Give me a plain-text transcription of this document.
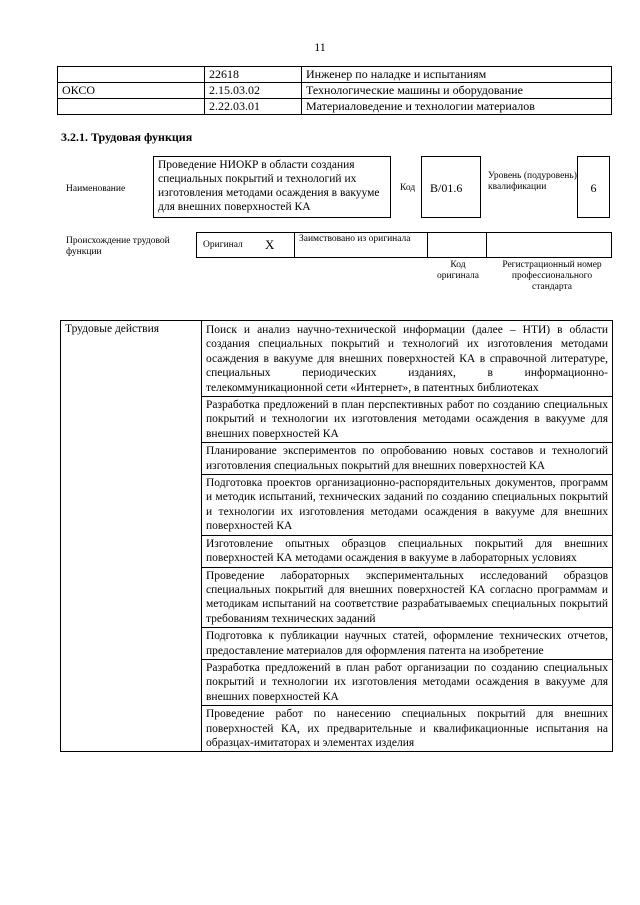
11
	22618	Инженер по наладке и испытаниям
ОКСО	2.15.03.02	Технологические машины и оборудование
	2.22.03.01	Материаловедение и технологии материалов
3.2.1. Трудовая функция
Наименование
Проведение НИОКР в области создания специальных покрытий и технологий их изготовления методами осаждения в вакууме для внешних поверхностей КА
Код	B/01.6
Уровень (подуровень) квалификации	6
Происхождение трудовой функции
Оригинал X	Заимствовано из оригинала
Код оригинала
Регистрационный номер профессионального стандарта
Трудовые действия	Поиск и анализ научно-технической информации (далее – НТИ) в области создания специальных покрытий и технологий их изготовления методами осаждения в вакууме для внешних поверхностей КА в справочной литературе, специальных периодических изданиях, в информационно-телекоммуникационной сети «Интернет», в патентных библиотеках
Разработка предложений в план перспективных работ по созданию специальных покрытий и технологии их изготовления методами осаждения в вакууме для внешних поверхностей КА
Планирование экспериментов по опробованию новых составов и технологий изготовления специальных покрытий для внешних поверхностей КА
Подготовка проектов организационно-распорядительных документов, программ и методик испытаний, технических заданий по созданию специальных покрытий и технологии их изготовления методами осаждения в вакууме для внешних поверхностей КА
Изготовление опытных образцов специальных покрытий для внешних поверхностей КА методами осаждения в вакууме в лабораторных условиях
Проведение лабораторных экспериментальных исследований образцов специальных покрытий для внешних поверхностей КА согласно программам и методикам испытаний на соответствие разрабатываемых специальных покрытий требованиям технических заданий
Подготовка к публикации научных статей, оформление технических отчетов, предоставление материалов для оформления патента на изобретение
Разработка предложений в план работ организации по созданию специальных покрытий и технологии их изготовления методами осаждения в вакууме для внешних поверхностей КА
Проведение работ по нанесению специальных покрытий для внешних поверхностей КА, их предварительные и квалификационные испытания на образцах-имитаторах и элементах изделия
